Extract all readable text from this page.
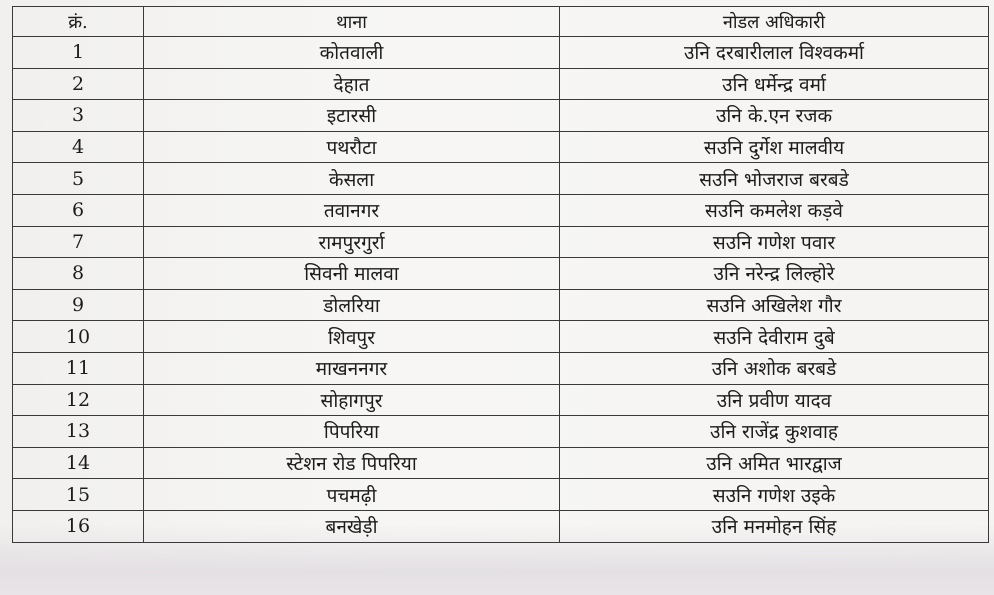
क्रं.	थाना	नोडल अधिकारी
1	कोतवाली	उनि दरबारीलाल विश्वकर्मा
2	देहात	उनि धर्मेन्द्र वर्मा
3	इटारसी	उनि के.एन रजक
4	पथरौटा	सउनि दुर्गेश मालवीय
5	केसला	सउनि भोजराज बरबडे
6	तवानगर	सउनि कमलेश कड़वे
7	रामपुरगुर्रा	सउनि गणेश पवार
8	सिवनी मालवा	उनि नरेन्द्र लिल्होरे
9	डोलरिया	सउनि अखिलेश गौर
10	शिवपुर	सउनि देवीराम दुबे
11	माखननगर	उनि अशोक बरबडे
12	सोहागपुर	उनि प्रवीण यादव
13	पिपरिया	उनि राजेंद्र कुशवाह
14	स्टेशन रोड पिपरिया	उनि अमित भारद्वाज
15	पचमढ़ी	सउनि गणेश उइके
16	बनखेड़ी	उनि मनमोहन सिंह
